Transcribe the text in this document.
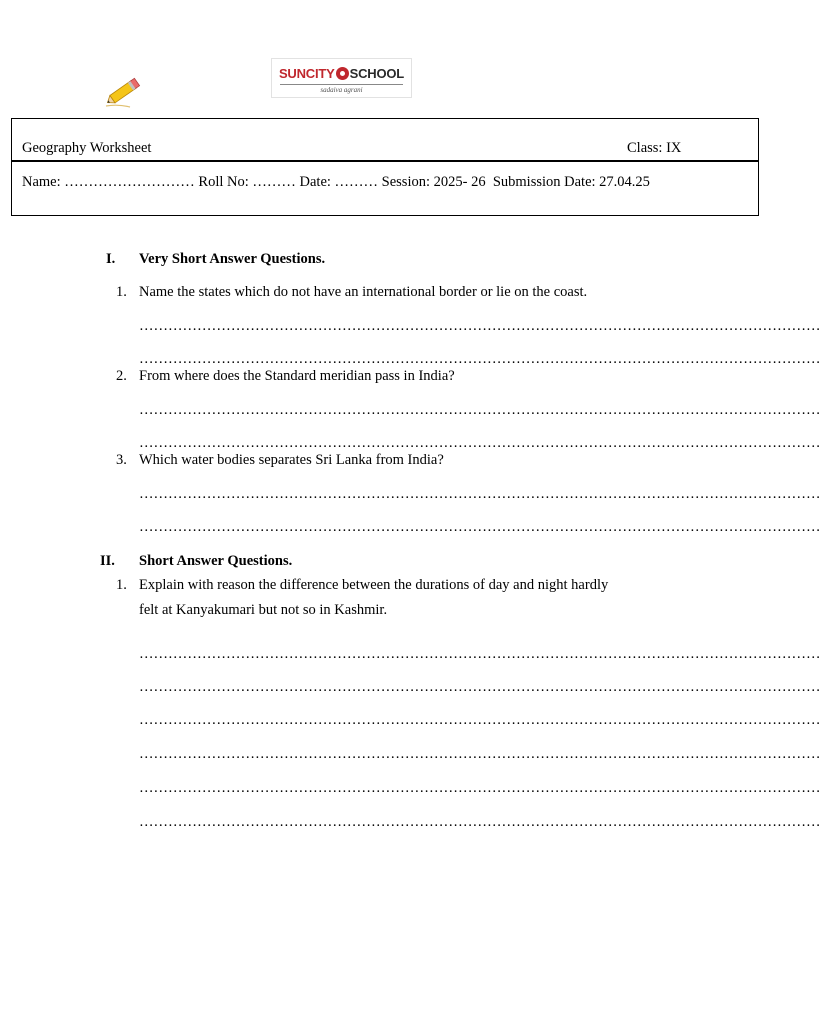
SUNCITY SCHOOL
sadaiva agrani
Geography Worksheet	Class: IX
Name: ……………………… Roll No: ……… Date: ……… Session: 2025- 26  Submission Date: 27.04.25
I. Very Short Answer Questions.
1. Name the states which do not have an international border or lie on the coast.
……………………………………………………………………………………………………………………………
……………………………………………………………………………………………………………………………
2. From where does the Standard meridian pass in India?
……………………………………………………………………………………………………………………………
……………………………………………………………………………………………………………………………
3. Which water bodies separates Sri Lanka from India?
……………………………………………………………………………………………………………………………
……………………………………………………………………………………………………………………………
II. Short Answer Questions.
1. Explain with reason the difference between the durations of day and night hardly
felt at Kanyakumari but not so in Kashmir.
……………………………………………………………………………………………………………………………
……………………………………………………………………………………………………………………………
……………………………………………………………………………………………………………………………
……………………………………………………………………………………………………………………………
……………………………………………………………………………………………………………………………
……………………………………………………………………………………………………………………………
